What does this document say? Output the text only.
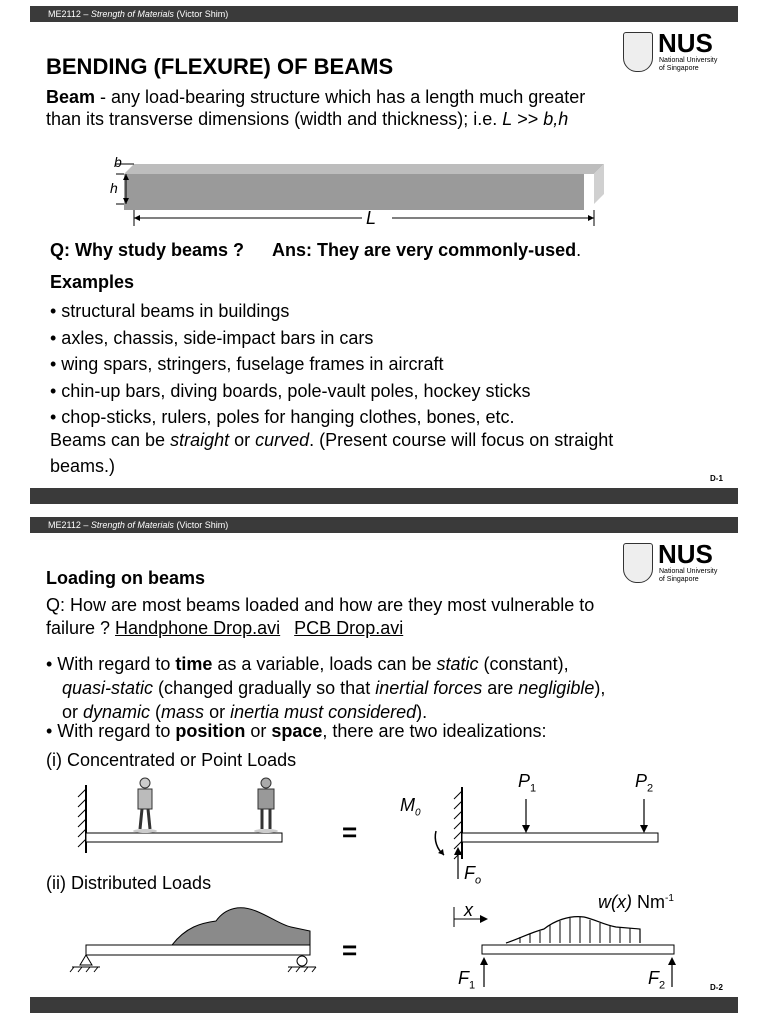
ME2112 – Strength of Materials (Victor Shim)
NUS
National University
of Singapore
BENDING (FLEXURE) OF BEAMS
Beam - any load-bearing structure which has a length much greater
than its transverse dimensions (width and thickness); i.e. L >> b,h
b
h
L
Q: Why study beams ? Ans: They are very commonly-used.
Examples
• structural beams in buildings
• axles, chassis, side-impact bars in cars
• wing spars, stringers, fuselage frames in aircraft
• chin-up bars, diving boards, pole-vault poles, hockey sticks
• chop-sticks, rulers, poles for hanging clothes, bones, etc.
Beams can be straight or curved. (Present course will focus on straight
beams.)
D-1
ME2112 – Strength of Materials (Victor Shim)
NUS
National University
of Singapore
Loading on beams
Q: How are most beams loaded and how are they most vulnerable to
failure ? Handphone Drop.avi PCB Drop.avi
• With regard to time as a variable, loads can be static (constant),
quasi-static (changed gradually so that inertial forces are negligible),
or dynamic (mass or inertia must considered).
• With regard to position or space, there are two idealizations:
(i) Concentrated or Point Loads
=
$M_0$
$P_1$	$P_2$
$F_o$
(ii) Distributed Loads
=
x	w(x) $Nm^{-1}$
$F_1$	$F_2$	D-2
